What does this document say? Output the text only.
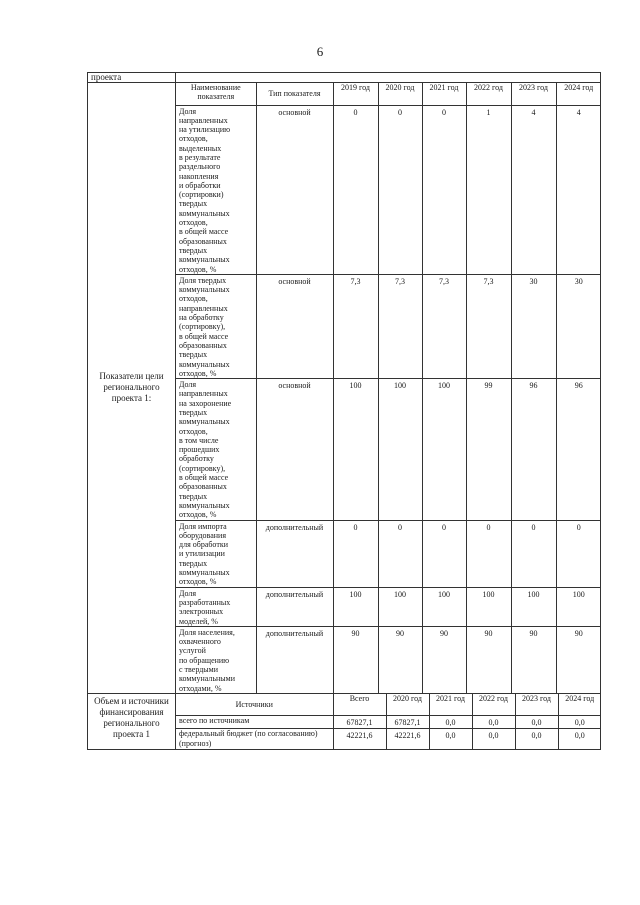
6
проекта	
Показатели цели регионального проекта 1:	
Наименование показателя	Тип показателя	2019 год	2020 год	2021 год	2022 год	2023 год	2024 год

Доля
направленных
на утилизацию
отходов,
выделенных
в результате
раздельного
накопления
и обработки
(сортировки)
твердых
коммунальных
отходов,
в общей массе
образованных
твердых
коммунальных
отходов, %
	основной	0	0	0	1	4	4

Доля твердых
коммунальных
отходов,
направленных
на обработку
(сортировку),
в общей массе
образованных
твердых
коммунальных
отходов, %
	основной	7,3	7,3	7,3	7,3	30	30

Доля
направленных
на захоронение
твердых
коммунальных
отходов,
в том числе
прошедших
обработку
(сортировку),
в общей массе
образованных
твердых
коммунальных
отходов, %
	основной	100	100	100	99	96	96

Доля импорта
оборудования
для обработки
и утилизации
твердых
коммунальных
отходов, %
	дополнительный	0	0	0	0	0	0

Доля
разработанных
электронных
моделей, %
	дополнительный	100	100	100	100	100	100

Доля населения,
охваченного
услугой
по обращению
с твердыми
коммунальными
отходами, %
	дополнительный	90	90	90	90	90	90

Объем и источники финансирования регионального проекта 1	
Источники	Всего	2020 год	2021 год	2022 год	2023 год	2024 год
всего по источникам	67827,1	67827,1	0,0	0,0	0,0	0,0
федеральный бюджет (по согласованию) (прогноз)	42221,6	42221,6	0,0	0,0	0,0	0,0
